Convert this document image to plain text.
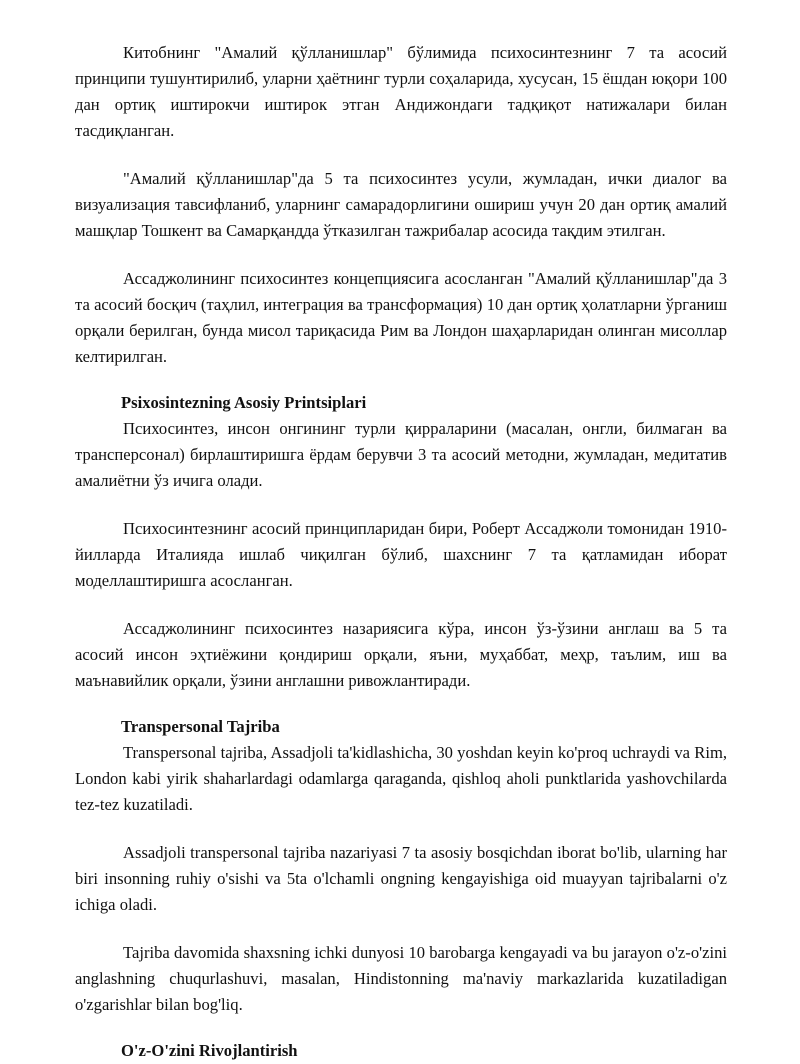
Китобнинг "Амалий қўлланишлар" бўлимида психосинтезнинг 7 та асосий принципи тушунтирилиб, уларни ҳаётнинг турли соҳаларида, хусусан, 15 ёшдан юқори 100 дан ортиқ иштирокчи иштирок этган Андижондаги тадқиқот натижалари билан тасдиқланган.

"Амалий қўлланишлар"да 5 та психосинтез усули, жумладан, ички диалог ва визуализация тавсифланиб, уларнинг самарадорлигини ошириш учун 20 дан ортиқ амалий машқлар Тошкент ва Самарқандда ўтказилган тажрибалар асосида тақдим этилган.

Ассаджолининг психосинтез концепциясига асосланган "Амалий қўлланишлар"да 3 та асосий босқич (таҳлил, интеграция ва трансформация) 10 дан ортиқ ҳолатларни ўрганиш орқали берилган, бунда мисол тариқасида Рим ва Лондон шаҳарларидан олинган мисоллар келтирилган.

Psixosintezning Asosiy Printsiplari

Психосинтез, инсон онгининг турли қирраларини (масалан, онгли, билмаган ва трансперсонал) бирлаштиришга ёрдам берувчи 3 та асосий методни, жумладан, медитатив амалиётни ўз ичига олади.

Психосинтезнинг асосий принципларидан бири, Роберт Ассаджоли томонидан 1910-йилларда Италияда ишлаб чиқилган бўлиб, шахснинг 7 та қатламидан иборат моделлаштиришга асосланган.

Ассаджолининг психосинтез назариясига кўра, инсон ўз-ўзини англаш ва 5 та асосий инсон эҳтиёжини қондириш орқали, яъни, муҳаббат, меҳр, таълим, иш ва маънавийлик орқали, ўзини англашни ривожлантиради.

Transpersonal Tajriba

Transpersonal tajriba, Assadjoli ta'kidlashicha, 30 yoshdan keyin ko'proq uchraydi va Rim, London kabi yirik shaharlardagi odamlarga qaraganda, qishloq aholi punktlarida yashovchilarda tez-tez kuzatiladi.

Assadjoli transpersonal tajriba nazariyasi 7 ta asosiy bosqichdan iborat bo'lib, ularning har biri insonning ruhiy o'sishi va 5ta o'lchamli ongning kengayishiga oid muayyan tajribalarni o'z ichiga oladi.

Tajriba davomida shaxsning ichki dunyosi 10 barobarga kengayadi va bu jarayon o'z-o'zini anglashning chuqurlashuvi, masalan, Hindistonning ma'naviy markazlarida kuzatiladigan o'zgarishlar bilan bog'liq.

O'z-O'zini Rivojlantirish
